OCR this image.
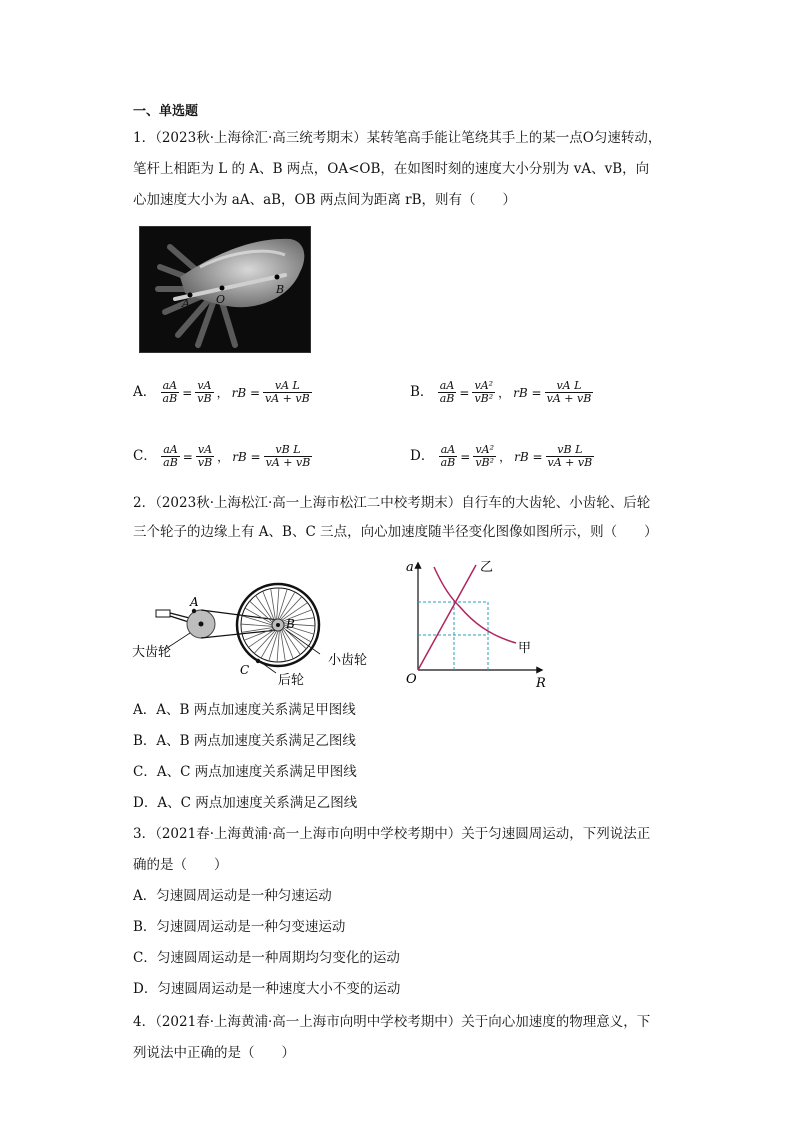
一、单选题
1．（2023秋·上海徐汇·高三统考期末）某转笔高手能让笔绕其手上的某一点O匀速转动，
笔杆上相距为 L 的 A、B 两点，OA<OB，在如图时刻的速度大小分别为 vA、vB，向
心加速度大小为 aA、aB，OB 两点间为距离 rB，则有（　　）
A O
B
A． $\frac{aA}{aB} = \frac{vA}{vB}$ ， rB = $\frac{\text{vA L}}{vA + vB}$	B． $\frac{aA}{aB} = \frac{\text{vA²}}{\text{vB²}}$ ， rB = $\frac{\text{vA L}}{vA + vB}$
C． $\frac{aA}{aB} = \frac{vA}{vB}$ ， rB = $\frac{\text{vB L}}{vA + vB}$	D． $\frac{aA}{aB} = \frac{\text{vA²}}{\text{vB²}}$ ， rB = $\frac{\text{vB L}}{vA + vB}$
2．（2023秋·上海松江·高一上海市松江二中校考期末）自行车的大齿轮、小齿轮、后轮
三个轮子的边缘上有 A、B、C 三点，向心加速度随半径变化图像如图所示，则（　　）
A
B
C
大齿轮
小齿轮
后轮
a
R
O
乙
甲
A．A、B 两点加速度关系满足甲图线
B．A、B 两点加速度关系满足乙图线
C．A、C 两点加速度关系满足甲图线
D．A、C 两点加速度关系满足乙图线
3．（2021春·上海黄浦·高一上海市向明中学校考期中）关于匀速圆周运动，下列说法正
确的是（　　）
A．匀速圆周运动是一种匀速运动
B．匀速圆周运动是一种匀变速运动
C．匀速圆周运动是一种周期均匀变化的运动
D．匀速圆周运动是一种速度大小不变的运动
4．（2021春·上海黄浦·高一上海市向明中学校考期中）关于向心加速度的物理意义，下
列说法中正确的是（　　）
